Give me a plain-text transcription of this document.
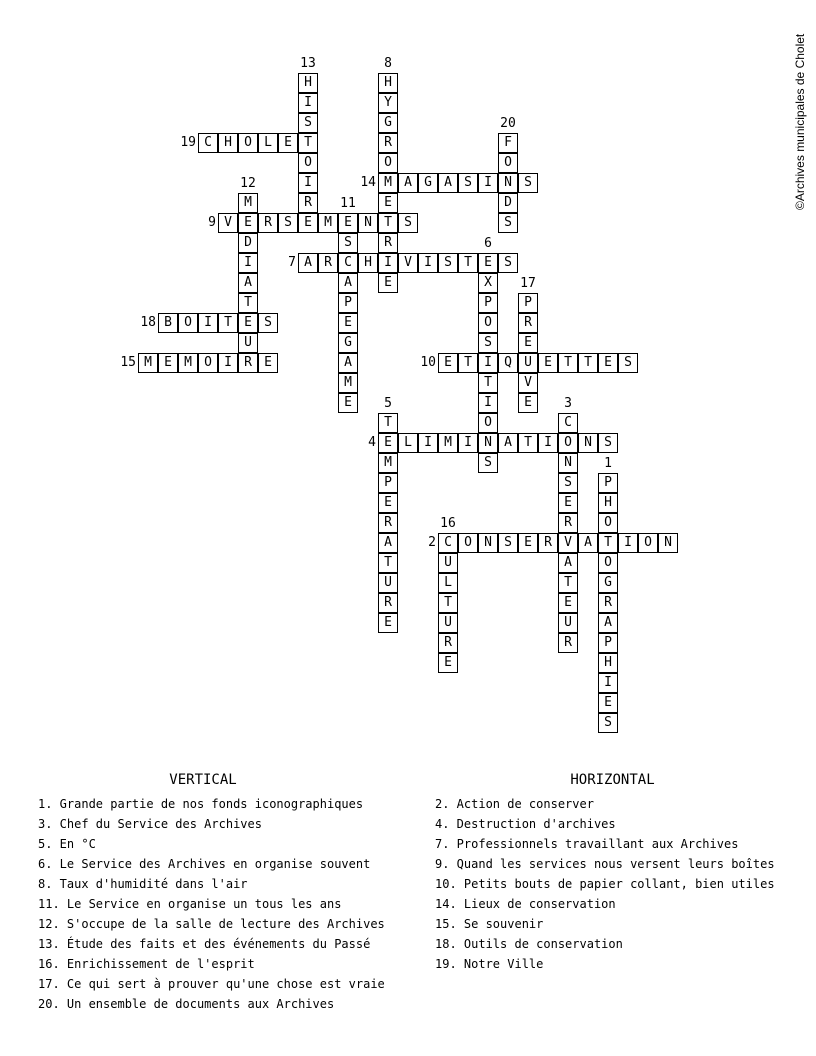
P
H
O
T
O
G
R
A
P
H
I
E
S
1
C O N S E R V A	I O N
2
C
O
N
S
E
R
A
T
E
U
R
3
E L I M I N A T I	N S
4
T
M
P
E
R
A
T
U
R
E
5
E
X
P
O
S
I
T
I
O
S
6
A R C H I V I S T	S
7
H
Y
G
R
O
M
E
T
R
E
8
V E R S E M E N	S
9
E T	Q U E T T E S
10
S
A
P
E
G
A
M
E
11
M
D
I
A
T
E
U
R
12
H
I
S
T
O
I
R
13
A G A S I N S
14
M E M O I	E
15
U
L
T
U
R
E
16
P
R
E
V
E
17
B O I T	S
18
C H O L E
19	F
O
D
S
20	©Archives municipales de Cholet
VERTICAL
1. Grande partie de nos fonds iconographiques
3. Chef du Service des Archives
5. En °C
6. Le Service des Archives en organise souvent
8. Taux d'humidité dans l'air
11. Le Service en organise un tous les ans
12. S'occupe de la salle de lecture des Archives
13. Étude des faits et des événements du Passé
16. Enrichissement de l'esprit
17. Ce qui sert à prouver qu'une chose est vraie
20. Un ensemble de documents aux Archives
HORIZONTAL
2. Action de conserver
4. Destruction d'archives
7. Professionnels travaillant aux Archives
9. Quand les services nous versent leurs boîtes
10. Petits bouts de papier collant, bien utiles
14. Lieux de conservation
15. Se souvenir
18. Outils de conservation
19. Notre Ville
